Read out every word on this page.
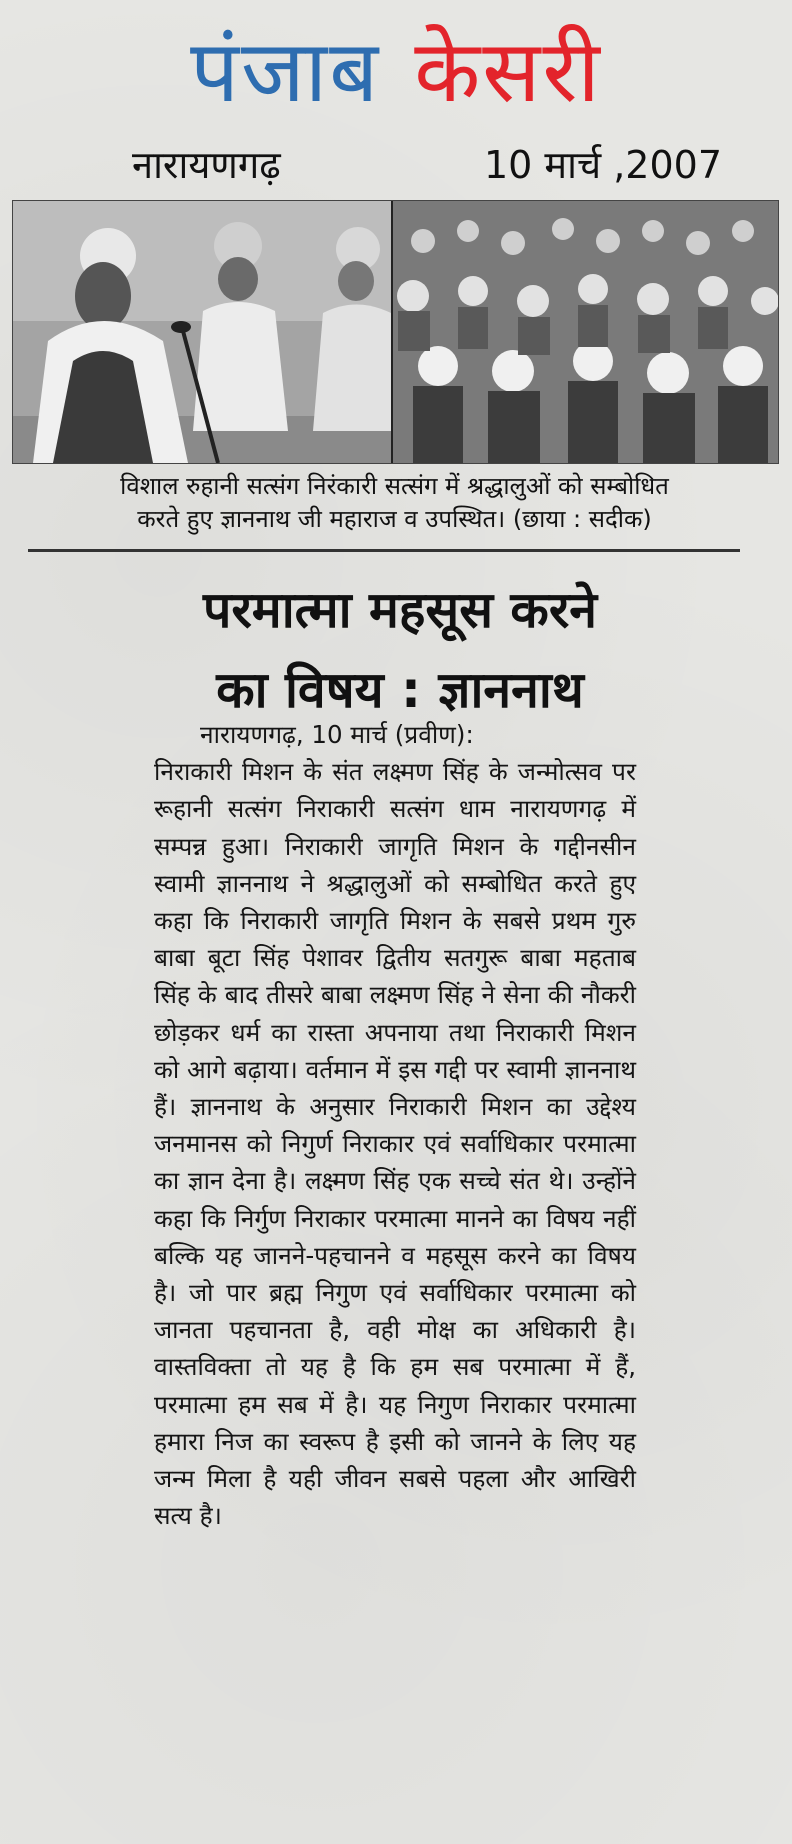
पंजाब केसरी
नारायणगढ़	10 मार्च ,2007
विशाल रुहानी सत्संग निरंकारी सत्संग में श्रद्धालुओं को सम्बोधित
करते हुए ज्ञाननाथ जी महाराज व उपस्थित। (छाया : सदीक)
परमात्मा महसूस करने
का विषय : ज्ञाननाथ
नारायणगढ़, 10 मार्च (प्रवीण):
निराकारी मिशन के संत लक्ष्मण सिंह के जन्मोत्सव पर रूहानी सत्संग निराकारी सत्संग धाम नारायणगढ़ में सम्पन्न हुआ। निराकारी जागृति मिशन के गद्दीनसीन स्वामी ज्ञाननाथ ने श्रद्धालुओं को सम्बोधित करते हुए कहा कि निराकारी जागृति मिशन के सबसे प्रथम गुरु बाबा बूटा सिंह पेशावर द्वितीय सतगुरू बाबा महताब सिंह के बाद तीसरे बाबा लक्ष्मण सिंह ने सेना की नौकरी छोड़कर धर्म का रास्ता अपनाया तथा निराकारी मिशन को आगे बढ़ाया। वर्तमान में इस गद्दी पर स्वामी ज्ञाननाथ हैं। ज्ञाननाथ के अनुसार निराकारी मिशन का उद्देश्य जनमानस को निगुर्ण निराकार एवं सर्वाधिकार परमात्मा का ज्ञान देना है। लक्ष्मण सिंह एक सच्चे संत थे। उन्होंने कहा कि निर्गुण निराकार परमात्मा मानने का विषय नहीं बल्कि यह जानने-पहचानने व महसूस करने का विषय है। जो पार ब्रह्म निगुण एवं सर्वाधिकार परमात्मा को जानता पहचानता है, वही मोक्ष का अधिकारी है। वास्तविक्ता तो यह है कि हम सब परमात्मा में हैं, परमात्मा हम सब में है। यह निगुण निराकार परमात्मा हमारा निज का स्वरूप है इसी को जानने के लिए यह जन्म मिला है यही जीवन सबसे पहला और आखिरी सत्य है।
